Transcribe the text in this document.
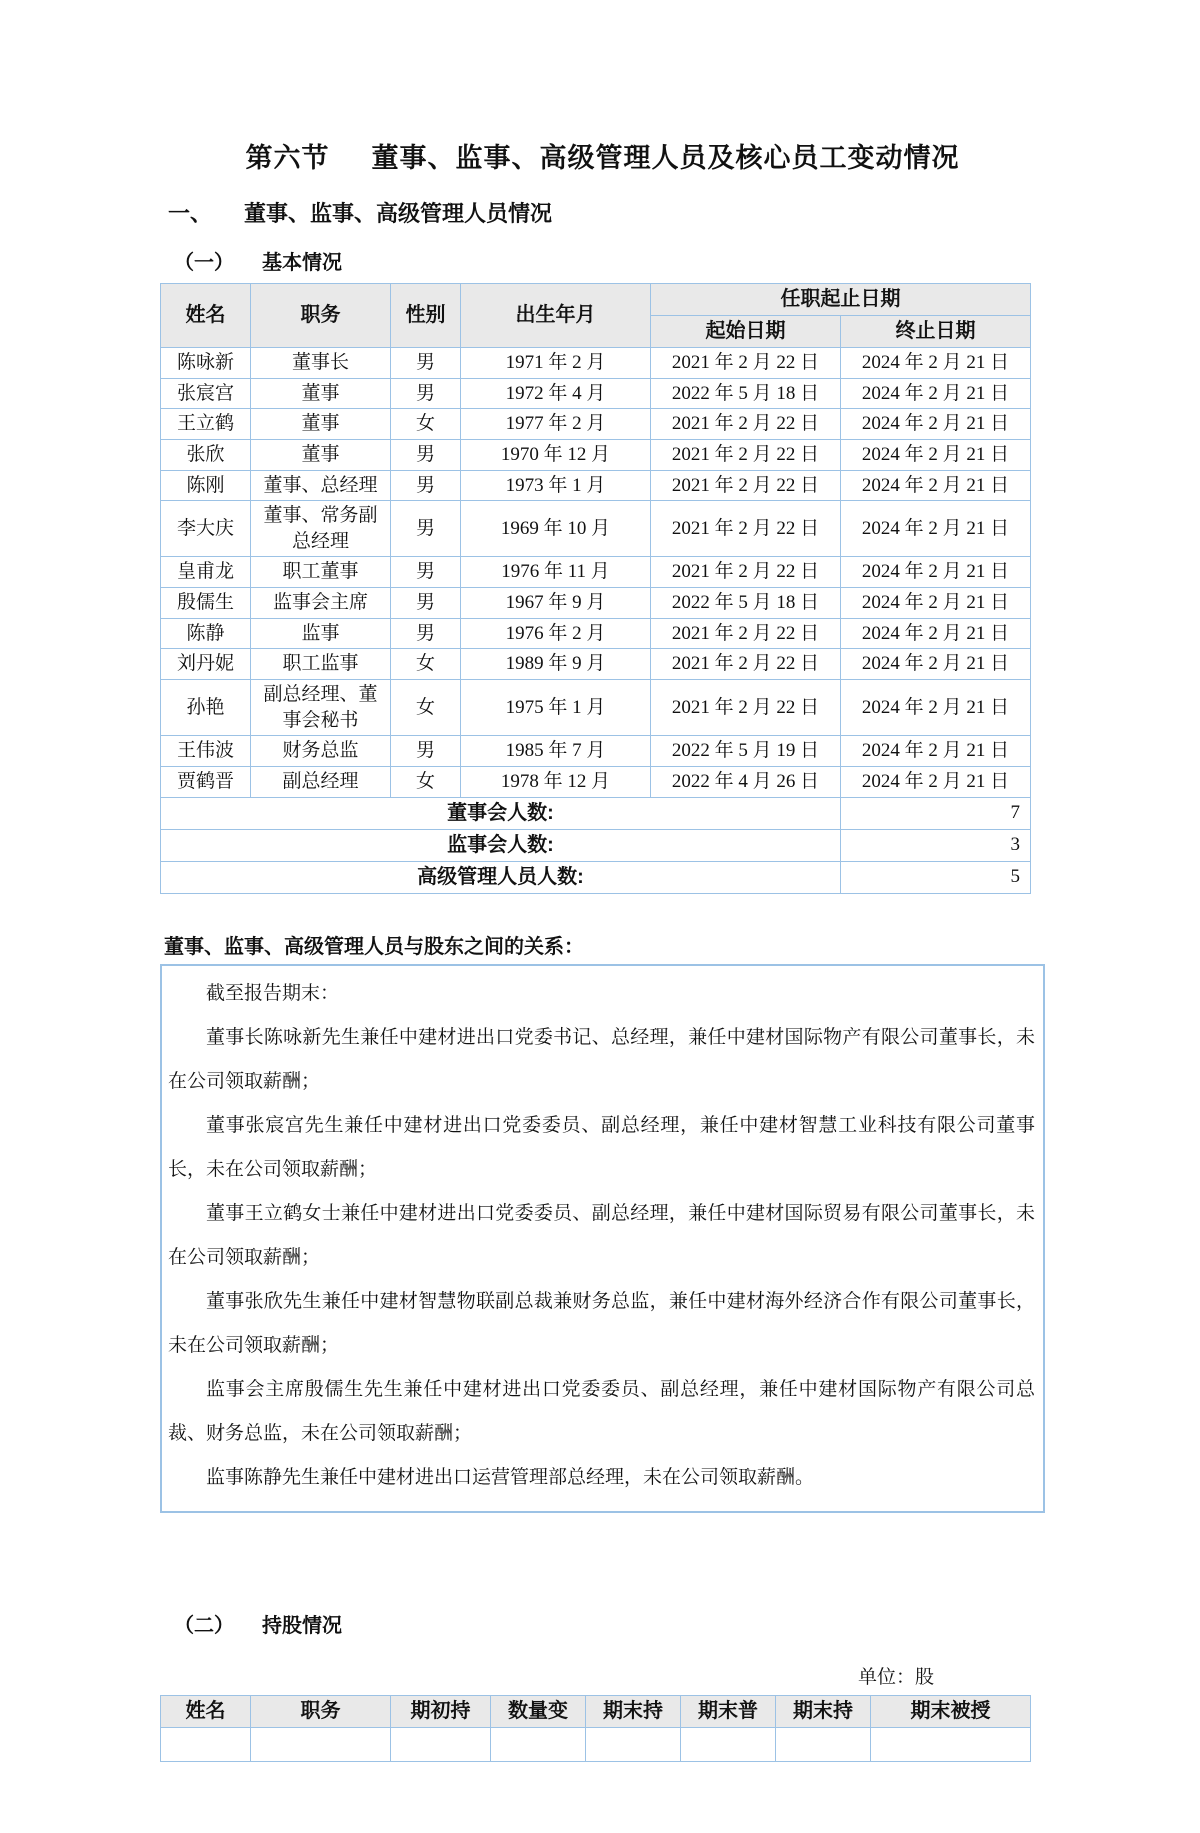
第六节 董事、监事、高级管理人员及核心员工变动情况
一、 董事、监事、高级管理人员情况
（一） 基本情况
姓名	职务	性别	出生年月	任职起止日期	
				起始日期	终止日期
陈咏新	董事长	男	1971 年 2 月	2021 年 2 月 22 日	2024 年 2 月 21 日
张宸宫	董事	男	1972 年 4 月	2022 年 5 月 18 日	2024 年 2 月 21 日
王立鹤	董事	女	1977 年 2 月	2021 年 2 月 22 日	2024 年 2 月 21 日
张欣	董事	男	1970 年 12 月	2021 年 2 月 22 日	2024 年 2 月 21 日
陈刚	董事、总经理	男	1973 年 1 月	2021 年 2 月 22 日	2024 年 2 月 21 日
李大庆	董事、常务副总经理	男	1969 年 10 月	2021 年 2 月 22 日	2024 年 2 月 21 日
皇甫龙	职工董事	男	1976 年 11 月	2021 年 2 月 22 日	2024 年 2 月 21 日
殷儒生	监事会主席	男	1967 年 9 月	2022 年 5 月 18 日	2024 年 2 月 21 日
陈静	监事	男	1976 年 2 月	2021 年 2 月 22 日	2024 年 2 月 21 日
刘丹妮	职工监事	女	1989 年 9 月	2021 年 2 月 22 日	2024 年 2 月 21 日
孙艳	副总经理、董事会秘书	女	1975 年 1 月	2021 年 2 月 22 日	2024 年 2 月 21 日
王伟波	财务总监	男	1985 年 7 月	2022 年 5 月 19 日	2024 年 2 月 21 日
贾鹤晋	副总经理	女	1978 年 12 月	2022 年 4 月 26 日	2024 年 2 月 21 日
董事会人数:					7
监事会人数:					3
高级管理人员人数:					5
董事、监事、高级管理人员与股东之间的关系：

截至报告期末：

董事长陈咏新先生兼任中建材进出口党委书记、总经理，兼任中建材国际物产有限公司董事长，未在公司领取薪酬；

董事张宸宫先生兼任中建材进出口党委委员、副总经理，兼任中建材智慧工业科技有限公司董事长，未在公司领取薪酬；

董事王立鹤女士兼任中建材进出口党委委员、副总经理，兼任中建材国际贸易有限公司董事长，未在公司领取薪酬；

董事张欣先生兼任中建材智慧物联副总裁兼财务总监，兼任中建材海外经济合作有限公司董事长，未在公司领取薪酬；

监事会主席殷儒生先生兼任中建材进出口党委委员、副总经理，兼任中建材国际物产有限公司总裁、财务总监，未在公司领取薪酬；

监事陈静先生兼任中建材进出口运营管理部总经理，未在公司领取薪酬。

（二） 持股情况
单位：股
姓名	职务	期初持	数量变	期末持	期末普	期末持	期末被授
